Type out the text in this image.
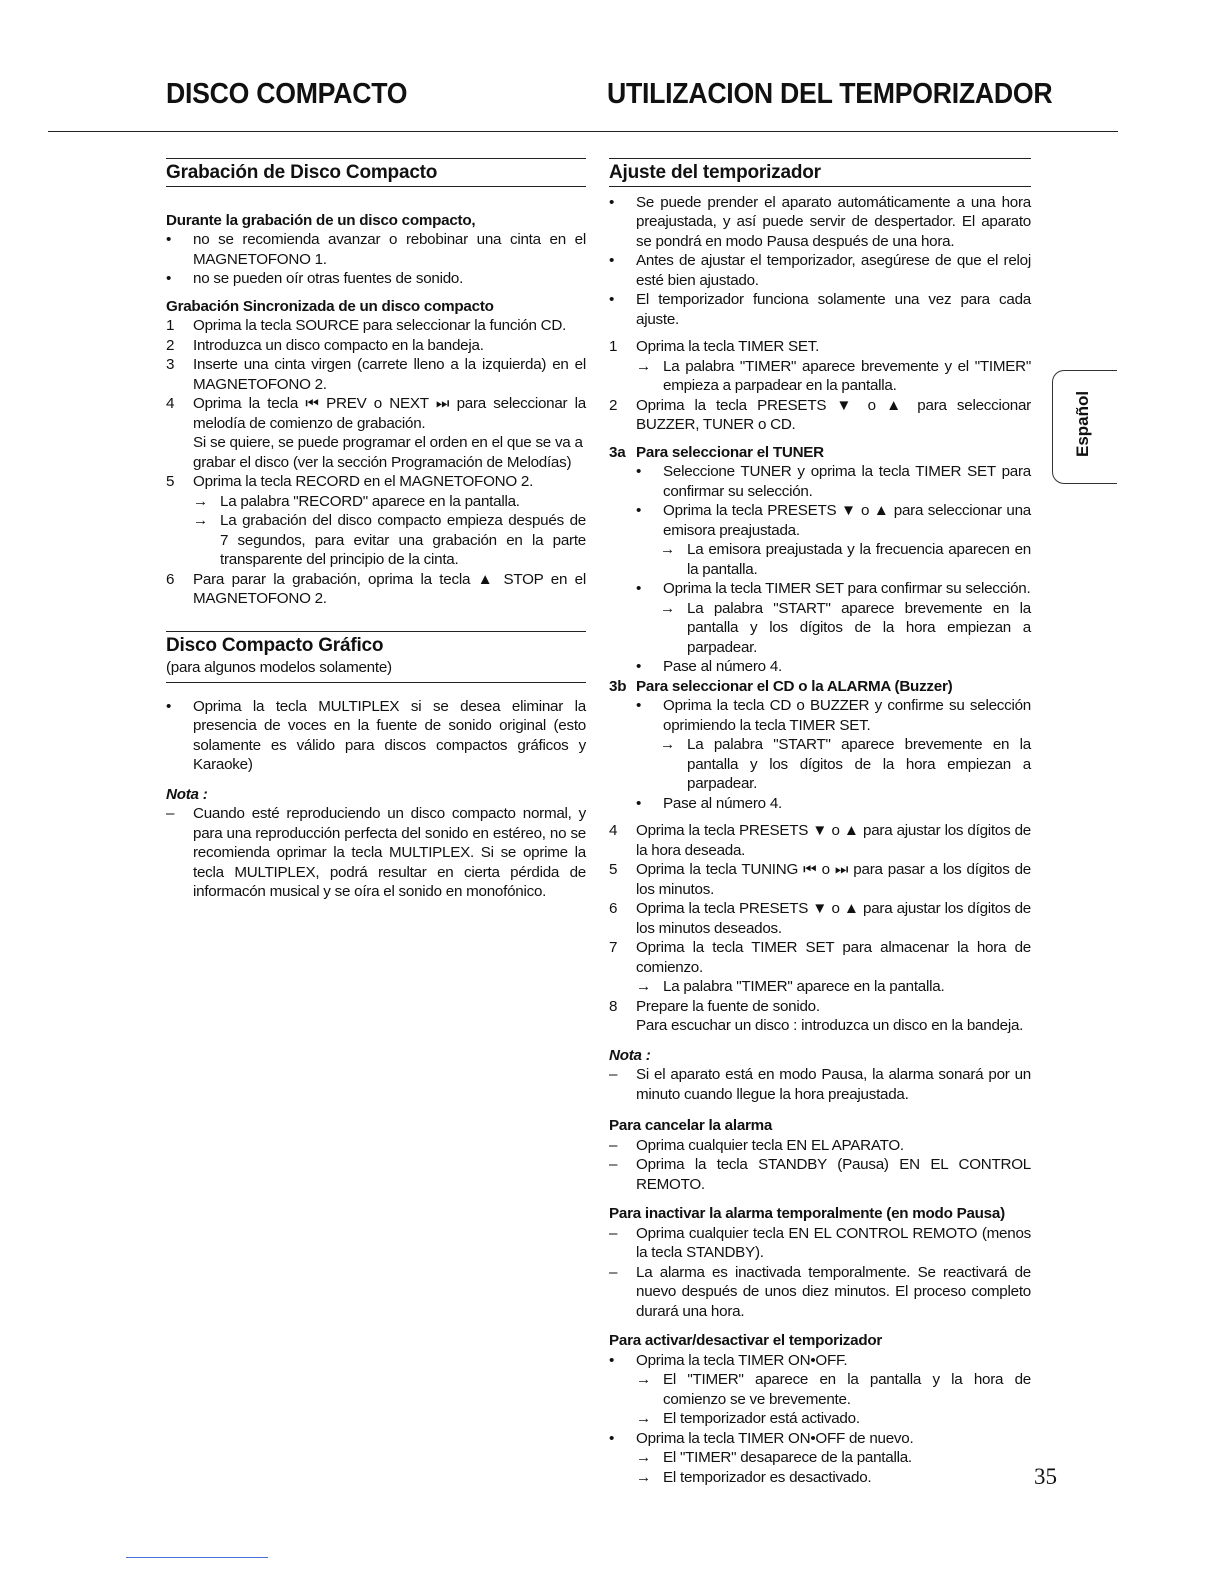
DISCO COMPACTO	UTILIZACION DEL TEMPORIZADOR
Grabación de Disco Compacto
Durante la grabación de un disco compacto,
•	no se recomienda avanzar o rebobinar una cinta en el MAGNETOFONO 1.
•	no se pueden oír otras fuentes de sonido.
Grabación Sincronizada de un disco compacto
1	Oprima la tecla SOURCE para seleccionar la función CD.
2	Introduzca un disco compacto en la bandeja.
3	Inserte una cinta virgen (carrete lleno a la izquierda) en el MAGNETOFONO 2.
4	Oprima la tecla ⏮ PREV o NEXT ⏭ para seleccionar la melodía de comienzo de grabación.
Si se quiere, se puede programar el orden en el que se va a grabar el disco (ver la sección Programación de Melodías)
5	Oprima la tecla RECORD en el MAGNETOFONO 2.
→ La palabra "RECORD" aparece en la pantalla.
→ La grabación del disco compacto empieza después de 7 segundos, para evitar una grabación en la parte transparente del principio de la cinta.
6	Para parar la grabación, oprima la tecla ▲ STOP en el MAGNETOFONO 2.
Disco Compacto Gráfico
(para algunos modelos solamente)
•	Oprima la tecla MULTIPLEX si se desea eliminar la presencia de voces en la fuente de sonido original (esto solamente es válido para discos compactos gráficos y Karaoke)
Nota :
–	Cuando esté reproduciendo un disco compacto normal, y para una reproducción perfecta del sonido en estéreo, no se recomienda oprimar la tecla MULTIPLEX. Si se oprime la tecla MULTIPLEX, podrá resultar en cierta pérdida de informacón musical y se oíra el sonido en monofónico.
Ajuste del temporizador
•	Se puede prender el aparato automáticamente a una hora preajustada, y así puede servir de despertador. El aparato se pondrá en modo Pausa después de una hora.
•	Antes de ajustar el temporizador, asegúrese de que el reloj esté bien ajustado.
•	El temporizador funciona solamente una vez para cada ajuste.
1	Oprima la tecla TIMER SET.
→ La palabra "TIMER" aparece brevemente y el "TIMER" empieza a parpadear en la pantalla.
2	Oprima la tecla PRESETS ▼ o ▲ para seleccionar BUZZER, TUNER o CD.
3a Para seleccionar el TUNER
•	Seleccione TUNER y oprima la tecla TIMER SET para confirmar su selección.
•	Oprima la tecla PRESETS ▼ o ▲ para seleccionar una emisora preajustada.
→ La emisora preajustada y la frecuencia aparecen en la pantalla.
•	Oprima la tecla TIMER SET para confirmar su selección.
→ La palabra "START" aparece brevemente en la pantalla y los dígitos de la hora empiezan a parpadear.
•	Pase al número 4.
3b Para seleccionar el CD o la ALARMA (Buzzer)
•	Oprima la tecla CD o BUZZER y confirme su selección oprimiendo la tecla TIMER SET.
→ La palabra "START" aparece brevemente en la pantalla y los dígitos de la hora empiezan a parpadear.
•	Pase al número 4.
4	Oprima la tecla PRESETS ▼ o ▲ para ajustar los dígitos de la hora deseada.
5	Oprima la tecla TUNING ⏮ o ⏭ para pasar a los dígitos de los minutos.
6	Oprima la tecla PRESETS ▼ o ▲ para ajustar los dígitos de los minutos deseados.
7	Oprima la tecla TIMER SET para almacenar la hora de comienzo.
→ La palabra "TIMER" aparece en la pantalla.
8	Prepare la fuente de sonido.
Para escuchar un disco : introduzca un disco en la bandeja.
Nota :
–	Si el aparato está en modo Pausa, la alarma sonará por un minuto cuando llegue la hora preajustada.
Para cancelar la alarma
–	Oprima cualquier tecla EN EL APARATO.
–	Oprima la tecla STANDBY (Pausa) EN EL CONTROL REMOTO.
Para inactivar la alarma temporalmente (en modo Pausa)
–	Oprima cualquier tecla EN EL CONTROL REMOTO (menos la tecla STANDBY).
–	La alarma es inactivada temporalmente. Se reactivará de nuevo después de unos diez minutos. El proceso completo durará una hora.
Para activar/desactivar el temporizador
•	Oprima la tecla TIMER ON•OFF.
→ El "TIMER" aparece en la pantalla y la hora de comienzo se ve brevemente.
→ El temporizador está activado.
•	Oprima la tecla TIMER ON•OFF de nuevo.
→ El "TIMER" desaparece de la pantalla.
→ El temporizador es desactivado.
Español
35
